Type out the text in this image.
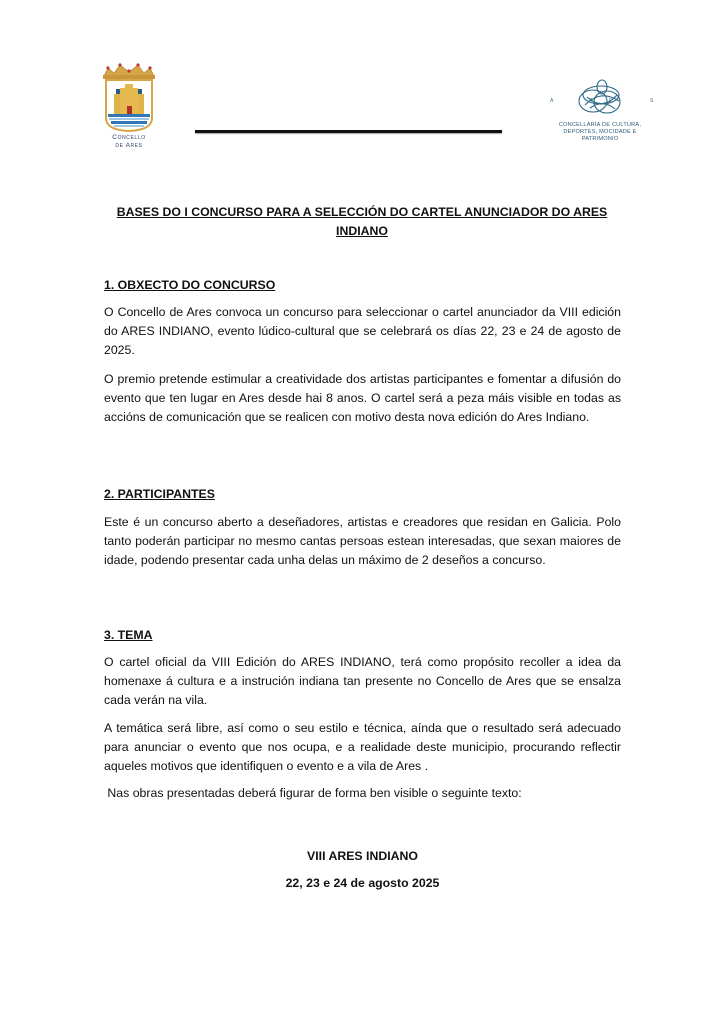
Concello
de Ares
A	R	E	S
CONCELLARÍA DE CULTURA,
DEPORTES, MOCIDADE E
PATRIMONIO
BASES DO I CONCURSO PARA A SELECCIÓN DO CARTEL ANUNCIADOR DO ARES INDIANO
1. OBXECTO DO CONCURSO
O Concello de Ares convoca un concurso para seleccionar o cartel anunciador da VIII edición do ARES INDIANO, evento lúdico-cultural que se celebrará os días 22, 23 e 24 de agosto de 2025.
O premio pretende estimular a creatividade dos artistas participantes e fomentar a difusión do evento que ten lugar en Ares desde hai 8 anos. O cartel será a peza máis visible en todas as accións de comunicación que se realicen con motivo desta nova edición do Ares Indiano.
2. PARTICIPANTES
Este é un concurso aberto a deseñadores, artistas e creadores que residan en Galicia. Polo tanto poderán participar no mesmo cantas persoas estean interesadas, que sexan maiores de idade, podendo presentar cada unha delas un máximo de 2 deseños a concurso.
3. TEMA
O cartel oficial da VIII Edición do ARES INDIANO, terá como propósito recoller a idea da homenaxe á cultura e a instrución indiana tan presente no Concello de Ares que se ensalza cada verán na vila.
A temática será libre, así como o seu estilo e técnica, aínda que o resultado será adecuado para anunciar o evento que nos ocupa, e a realidade deste municipio, procurando reflectir aqueles motivos que identifiquen o evento e a vila de Ares .
Nas obras presentadas deberá figurar de forma ben visible o seguinte texto:
VIII ARES INDIANO
22, 23 e 24 de agosto 2025
